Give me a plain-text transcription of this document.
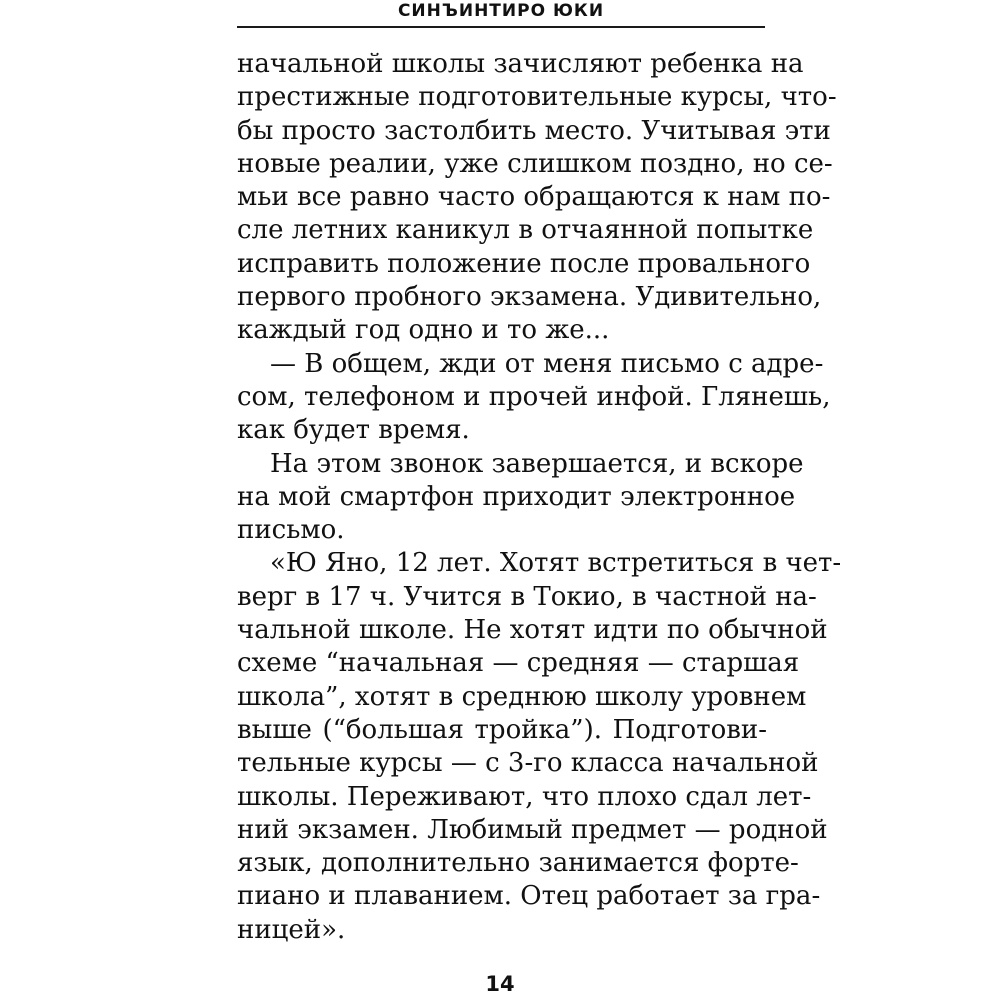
СИНЪИНТИРО ЮКИ
начальной школы зачисляют ребенка на
престижные подготовительные курсы, что-
бы просто застолбить место. Учитывая эти
новые реалии, уже слишком поздно, но се-
мьи все равно часто обращаются к нам по-
сле летних каникул в отчаянной попытке
исправить положение после провального
первого пробного экзамена. Удивительно,
каждый год одно и то же...
— В общем, жди от меня письмо с адре-
сом, телефоном и прочей инфой. Глянешь,
как будет время.
На этом звонок завершается, и вскоре
на мой смартфон приходит электронное
письмо.
«Ю Яно, 12 лет. Хотят встретиться в чет-
верг в 17 ч. Учится в Токио, в частной на-
чальной школе. Не хотят идти по обычной
схеме “начальная — средняя — старшая
школа”, хотят в среднюю школу уровнем
выше (“большая тройка”). Подготови-
тельные курсы — с 3-го класса начальной
школы. Переживают, что плохо сдал лет-
ний экзамен. Любимый предмет — родной
язык, дополнительно занимается форте-
пиано и плаванием. Отец работает за гра-
ницей».
14
